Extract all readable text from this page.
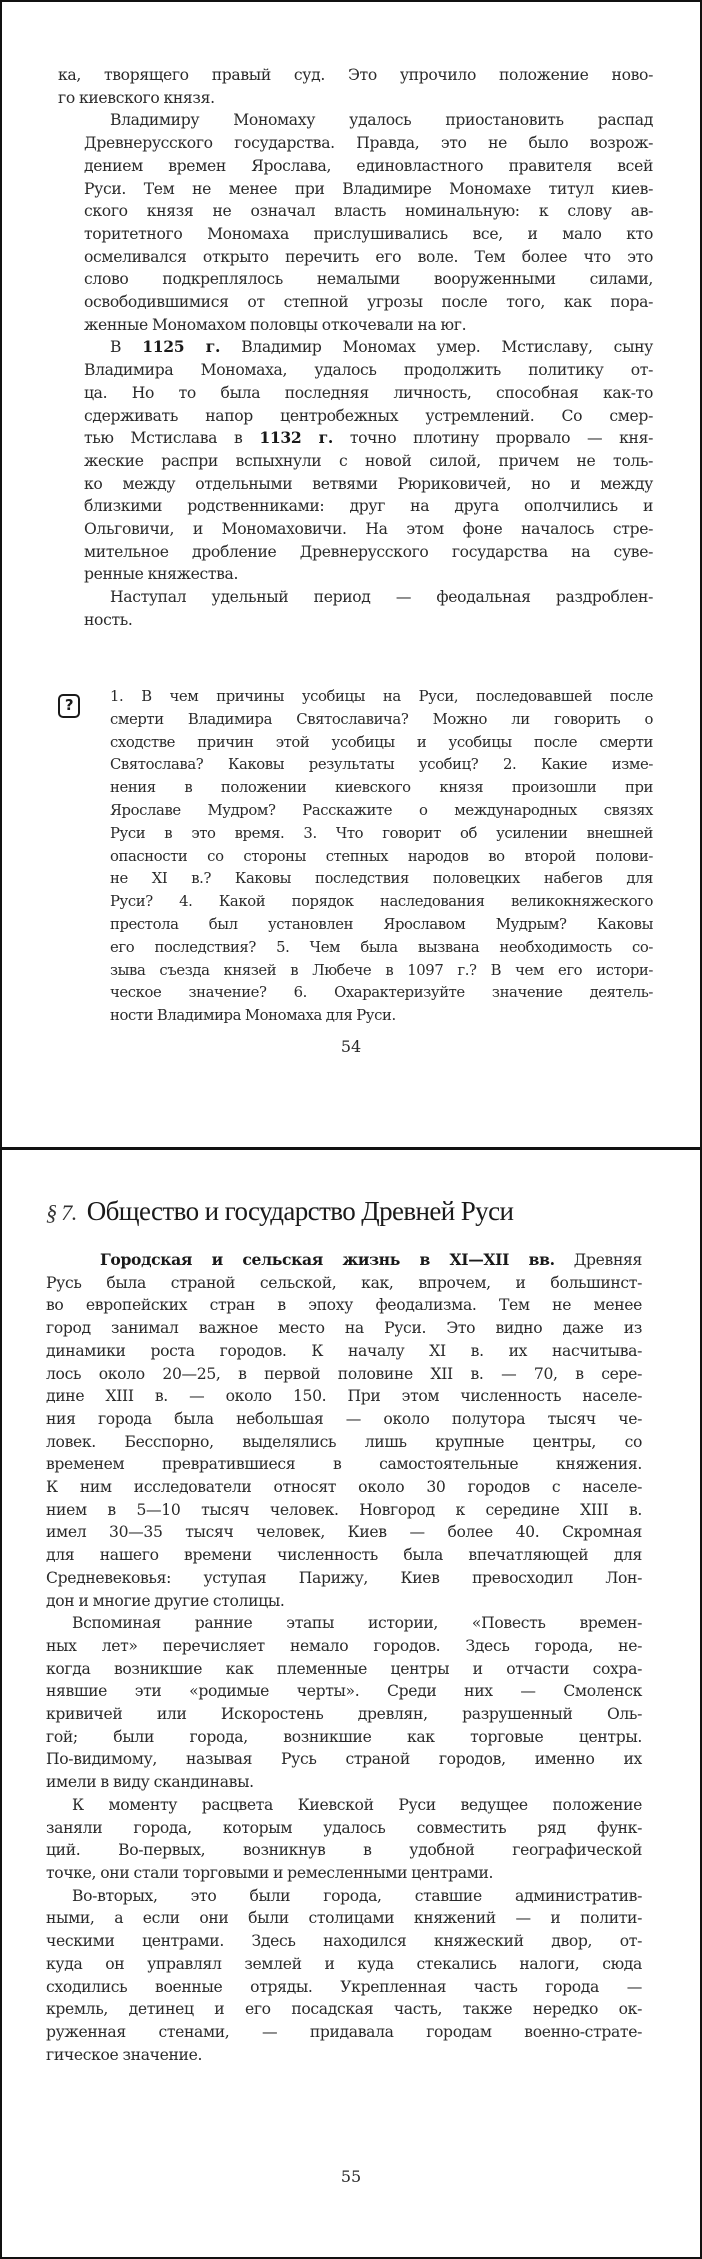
ка, творящего правый суд. Это упрочило положение ново-
го киевского князя.

Владимиру Мономаху удалось приостановить распад
Древнерусского государства. Правда, это не было возрож-
дением времен Ярослава, единовластного правителя всей
Руси. Тем не менее при Владимире Мономахе титул киев-
ского князя не означал власть номинальную: к слову ав-
торитетного Мономаха прислушивались все, и мало кто
осмеливался открыто перечить его воле. Тем более что это
слово подкреплялось немалыми вооруженными силами,
освободившимися от степной угрозы после того, как пора-
женные Мономахом половцы откочевали на юг.

В 1125 г. Владимир Мономах умер. Мстиславу, сыну
Владимира Мономаха, удалось продолжить политику от-
ца. Но то была последняя личность, способная как-то
сдерживать напор центробежных устремлений. Со смер-
тью Мстислава в 1132 г. точно плотину прорвало — кня-
жеские распри вспыхнули с новой силой, причем не толь-
ко между отдельными ветвями Рюриковичей, но и между
близкими родственниками: друг на друга ополчились и
Ольговичи, и Мономаховичи. На этом фоне началось стре-
мительное дробление Древнерусского государства на суве-
ренные княжества.

Наступал удельный период — феодальная раздроблен-
ность.

?	1. В чем причины усобицы на Руси, последовавшей после
смерти Владимира Святославича? Можно ли говорить о
сходстве причин этой усобицы и усобицы после смерти
Святослава? Каковы результаты усобиц? 2. Какие изме-
нения в положении киевского князя произошли при
Ярославе Мудром? Расскажите о международных связях
Руси в это время. 3. Что говорит об усилении внешней
опасности со стороны степных народов во второй полови-
не XI в.? Каковы последствия половецких набегов для
Руси? 4. Какой порядок наследования великокняжеского
престола был установлен Ярославом Мудрым? Каковы
его последствия? 5. Чем была вызвана необходимость со-
зыва съезда князей в Любече в 1097 г.? В чем его истори-
ческое значение? 6. Охарактеризуйте значение деятель-
ности Владимира Мономаха для Руси.
54
§ 7. Общество и государство Древней Руси

Городская и сельская жизнь в XI—XII вв. Древняя
Русь была страной сельской, как, впрочем, и большинст-
во европейских стран в эпоху феодализма. Тем не менее
город занимал важное место на Руси. Это видно даже из
динамики роста городов. К началу XI в. их насчитыва-
лось около 20—25, в первой половине XII в. — 70, в сере-
дине XIII в. — около 150. При этом численность населе-
ния города была небольшая — около полутора тысяч че-
ловек. Бесспорно, выделялись лишь крупные центры, со
временем превратившиеся в самостоятельные княжения.
К ним исследователи относят около 30 городов с населе-
нием в 5—10 тысяч человек. Новгород к середине XIII в.
имел 30—35 тысяч человек, Киев — более 40. Скромная
для нашего времени численность была впечатляющей для
Средневековья: уступая Парижу, Киев превосходил Лон-
дон и многие другие столицы.

Вспоминая ранние этапы истории, «Повесть времен-
ных лет» перечисляет немало городов. Здесь города, не-
когда возникшие как племенные центры и отчасти сохра-
нявшие эти «родимые черты». Среди них — Смоленск
кривичей или Искоростень древлян, разрушенный Оль-
гой; были города, возникшие как торговые центры.
По-видимому, называя Русь страной городов, именно их
имели в виду скандинавы.

К моменту расцвета Киевской Руси ведущее положение
заняли города, которым удалось совместить ряд функ-
ций. Во-первых, возникнув в удобной географической
точке, они стали торговыми и ремесленными центрами.

Во-вторых, это были города, ставшие административ-
ными, а если они были столицами княжений — и полити-
ческими центрами. Здесь находился княжеский двор, от-
куда он управлял землей и куда стекались налоги, сюда
сходились военные отряды. Укрепленная часть города —
кремль, детинец и его посадская часть, также нередко ок-
руженная стенами, — придавала городам военно-страте-
гическое значение.

55
